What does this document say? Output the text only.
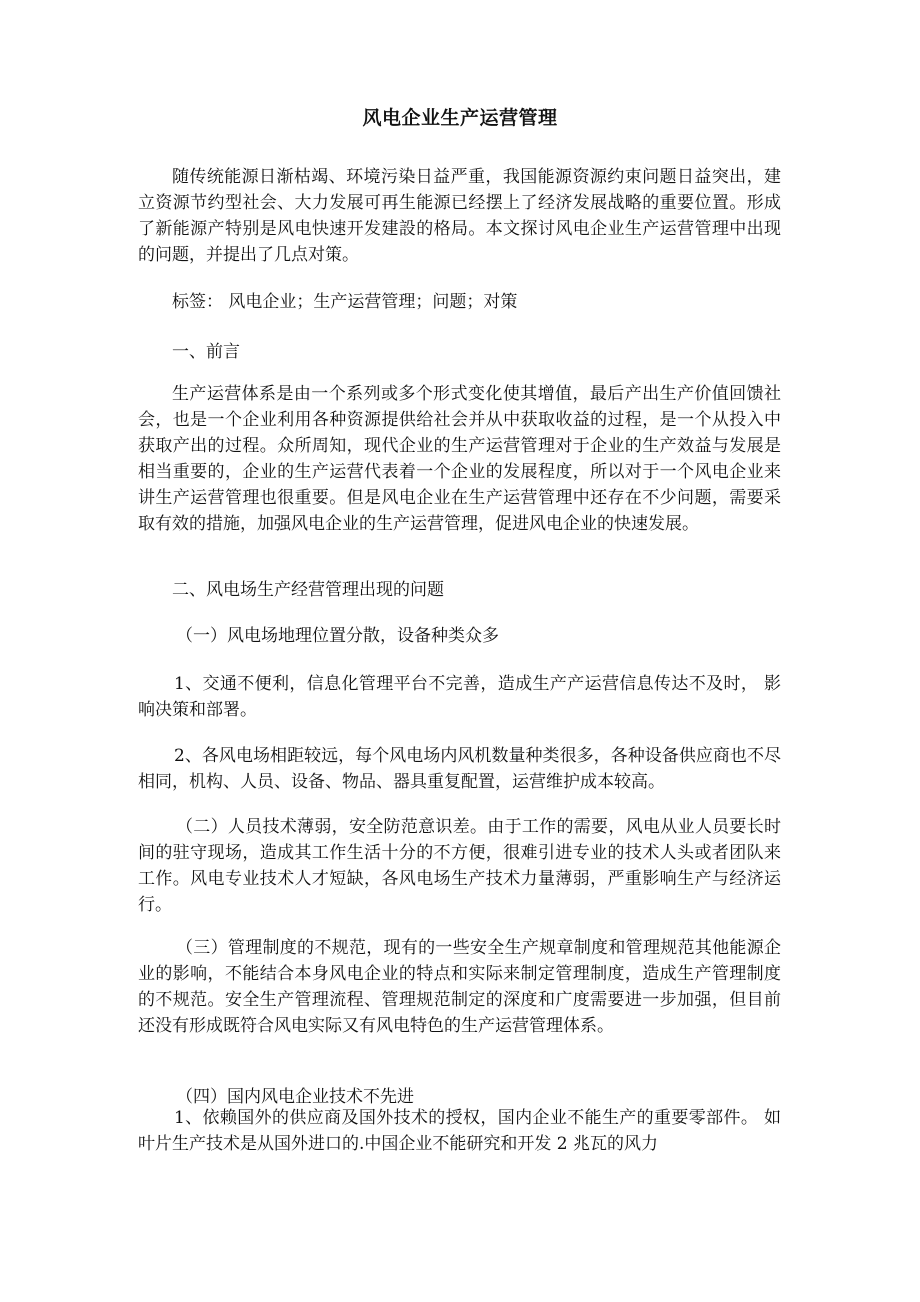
风电企业生产运营管理

随传统能源日渐枯竭、环境污染日益严重，我国能源资源约束问题日益突出，建立资源节约型社会、大力发展可再生能源已经摆上了经济发展战略的重要位置。形成了新能源产特别是风电快速开发建設的格局。本文探讨风电企业生产运营管理中出现的问题，并提出了几点对策。

标签： 风电企业；生产运营管理；问题；对策

一、前言

生产运营体系是由一个系列或多个形式变化使其增值，最后产出生产价值回馈社会，也是一个企业利用各种资源提供给社会并从中获取收益的过程，是一个从投入中获取产出的过程。众所周知，现代企业的生产运营管理对于企业的生产效益与发展是相当重要的，企业的生产运营代表着一个企业的发展程度，所以对于一个风电企业来讲生产运营管理也很重要。但是风电企业在生产运营管理中还存在不少问题，需要采取有效的措施，加强风电企业的生产运营管理，促进风电企业的快速发展。

二、风电场生产经营管理出现的问题

（一）风电场地理位置分散，设备种类众多

1、交通不便利，信息化管理平台不完善，造成生产产运营信息传达不及时， 影响决策和部署。

2、各风电场相距较远，每个风电场内风机数量种类很多，各种设备供应商也不尽相同，机构、人员、设备、物品、器具重复配置，运营维护成本较高。

（二）人员技术薄弱，安全防范意识差。由于工作的需要，风电从业人员要长时间的驻守现场，造成其工作生活十分的不方便，很难引进专业的技术人头或者团队来工作。风电专业技术人才短缺，各风电场生产技术力量薄弱，严重影响生产与经济运行。

（三）管理制度的不规范，现有的一些安全生产规章制度和管理规范其他能源企业的影响，不能结合本身风电企业的特点和实际来制定管理制度，造成生产管理制度的不规范。安全生产管理流程、管理规范制定的深度和广度需要进一步加强，但目前还没有形成既符合风电实际又有风电特色的生产运营管理体系。

（四）国内风电企业技术不先进

1、依赖国外的供应商及国外技术的授权，国内企业不能生产的重要零部件。 如叶片生产技术是从国外进口的.中国企业不能研究和开发 2 兆瓦的风力
